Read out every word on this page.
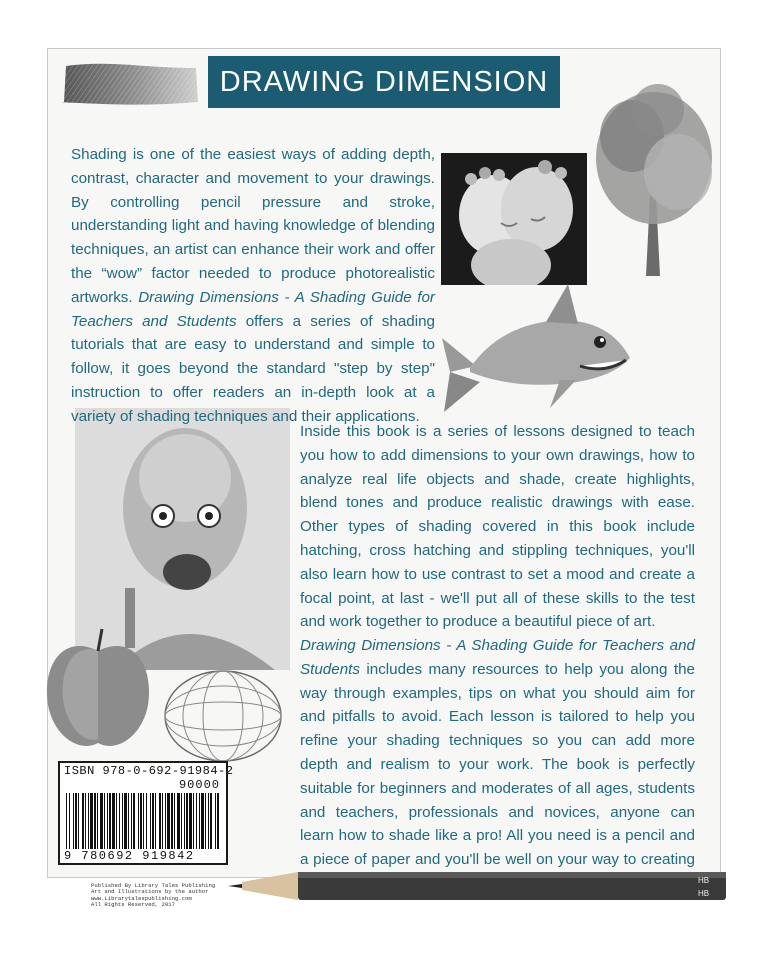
DRAWING DIMENSION

Shading is one of the easiest ways of adding depth, contrast, character and movement to your drawings. By controlling pencil pressure and stroke, understanding light and having knowledge of blending techniques, an artist can enhance their work and offer the “wow” factor needed to produce photorealistic artworks. Drawing Dimensions - A Shading Guide for Teachers and Students offers a series of shading tutorials that are easy to understand and simple to follow, it goes beyond the standard "step by step" instruction to offer readers an in-depth look at a variety of shading techniques and their applications.

Inside this book is a series of lessons designed to teach you how to add dimensions to your own drawings, how to analyze real life objects and shade, create highlights, blend tones and produce realistic drawings with ease. Other types of shading covered in this book include hatching, cross hatching and stippling techniques, you'll also learn how to use contrast to set a mood and create a focal point, at last - we'll put all of these skills to the test and work together to produce a beautiful piece of art.

Drawing Dimensions - A Shading Guide for Teachers and Students includes many resources to help you along the way through examples, tips on what you should aim for and pitfalls to avoid. Each lesson is tailored to help you refine your shading techniques so you can add more depth and realism to your work. The book is perfectly suitable for beginners and moderates of all ages, students and teachers, professionals and novices, anyone can learn how to shade like a pro! All you need is a pencil and a piece of paper and you'll be well on your way to creating

ISBN 978-0-692-91984-2
90000
9 780692 919842
Published By Library Tales Publishing
Art and Illustrations by the author
www.Librarytalespublishing.com
All Rights Reserved, 2017
HB
HB
